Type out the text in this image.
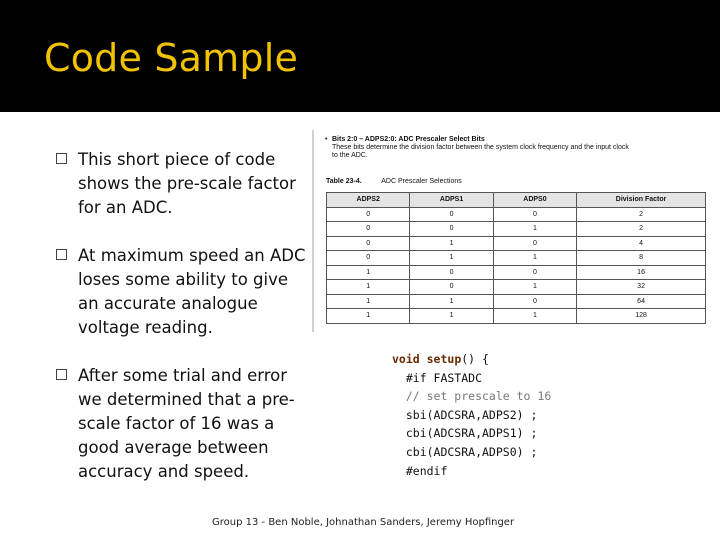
Code Sample
This short piece of code shows the pre-scale factor for an ADC.
At maximum speed an ADC loses some ability to give an accurate analogue voltage reading.
After some trial and error we determined that a pre-scale factor of 16 was a good average between accuracy and speed.
• Bits 2:0 – ADPS2:0: ADC Prescaler Select Bits
These bits determine the division factor between the system clock frequency and the input clock
to the ADC.
Table 23-4.	ADC Prescaler Selections
ADPS2	ADPS1	ADPS0	Division Factor
0	0	0	2
0	0	1	2
0	1	0	4
0	1	1	8
1	0	0	16
1	0	1	32
1	1	0	64
1	1	1	128
void setup() {
#if FASTADC
// set prescale to 16
sbi(ADCSRA,ADPS2) ;
cbi(ADCSRA,ADPS1) ;
cbi(ADCSRA,ADPS0) ;
#endif
Group 13 - Ben Noble, Johnathan Sanders, Jeremy Hopfinger
